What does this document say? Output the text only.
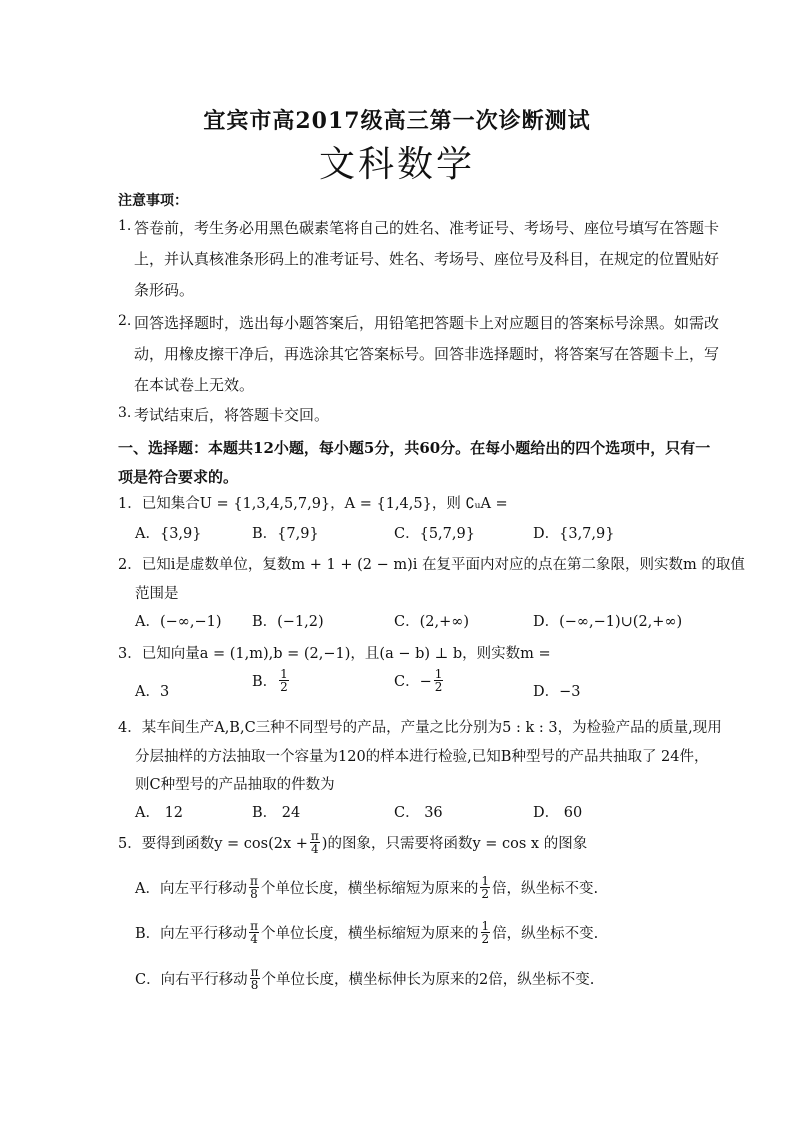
宜宾市高2017级高三第一次诊断测试
文科数学
注意事项：
1. 答卷前，考生务必用黑色碳素笔将自己的姓名、准考证号、考场号、座位号填写在答题卡
上，并认真核准条形码上的准考证号、姓名、考场号、座位号及科目，在规定的位置贴好
条形码。
2. 回答选择题时，选出每小题答案后，用铅笔把答题卡上对应题目的答案标号涂黑。如需改
动，用橡皮擦干净后，再选涂其它答案标号。回答非选择题时，将答案写在答题卡上，写
在本试卷上无效。
3. 考试结束后，将答题卡交回。
一、选择题：本题共12小题，每小题5分，共60分。在每小题给出的四个选项中，只有一
项是符合要求的。
1．已知集合U = {1,3,4,5,7,9}，A = {1,4,5}，则 ∁ᵤA =
A．{3,9}	B．{7,9}	C．{5,7,9}	D．{3,7,9}
2．已知i是虚数单位，复数m + 1 + (2 − m)i 在复平面内对应的点在第二象限，则实数m 的取值
范围是
A．(−∞,−1) B．(−1,2)	C．(2,+∞)	D．(−∞,−1)∪(2,+∞)
3．已知向量a = (1,m),b = (2,−1)，且(a − b) ⊥ b，则实数m =
A．3
B． $\frac{1}{2}$	C．− $\frac{1}{2}$	D．−3
4．某车间生产A,B,C三种不同型号的产品，产量之比分别为5 : k : 3，为检验产品的质量,现用
分层抽样的方法抽取一个容量为120的样本进行检验,已知B种型号的产品共抽取了 24件，
则C种型号的产品抽取的件数为
A． 12	B． 24	C． 36	D． 60
5．要得到函数$y = \cos(2x + \frac{\pi}{4}$ )的图象，只需要将函数y = cos x 的图象
A．向左平行移动 $\frac{\pi}{8}$ 个单位长度，横坐标缩短为原来的 $\frac{1}{2}$ 倍，纵坐标不变.
B．向左平行移动 $\frac{\pi}{4}$ 个单位长度，横坐标缩短为原来的 $\frac{1}{2}$ 倍，纵坐标不变.
C．向右平行移动 $\frac{\pi}{8}$ 个单位长度，横坐标伸长为原来的2倍，纵坐标不变.
